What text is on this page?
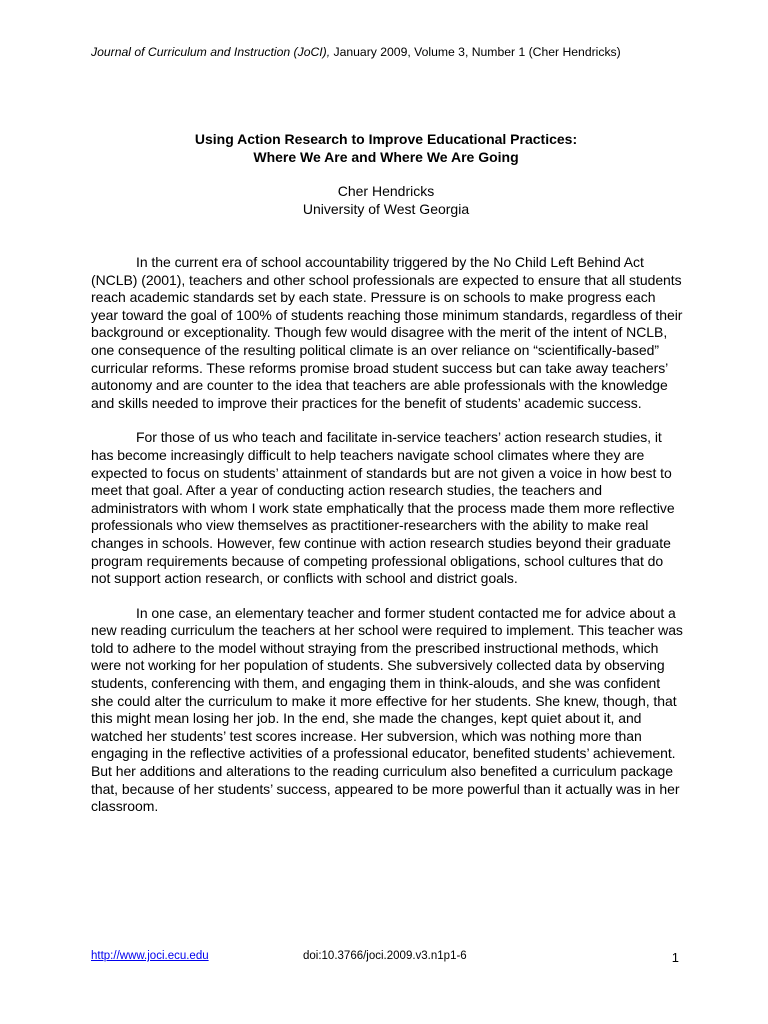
Journal of Curriculum and Instruction (JoCI), January 2009, Volume 3, Number 1 (Cher Hendricks)
Using Action Research to Improve Educational Practices:
Where We Are and Where We Are Going
Cher Hendricks
University of West Georgia

In the current era of school accountability triggered by the No Child Left Behind Act (NCLB) (2001), teachers and other school professionals are expected to ensure that all students reach academic standards set by each state. Pressure is on schools to make progress each year toward the goal of 100% of students reaching those minimum standards, regardless of their background or exceptionality. Though few would disagree with the merit of the intent of NCLB, one consequence of the resulting political climate is an over reliance on “scientifically-based” curricular reforms. These reforms promise broad student success but can take away teachers’ autonomy and are counter to the idea that teachers are able professionals with the knowledge and skills needed to improve their practices for the benefit of students’ academic success.

For those of us who teach and facilitate in-service teachers’ action research studies, it has become increasingly difficult to help teachers navigate school climates where they are expected to focus on students’ attainment of standards but are not given a voice in how best to meet that goal. After a year of conducting action research studies, the teachers and administrators with whom I work state emphatically that the process made them more reflective professionals who view themselves as practitioner-researchers with the ability to make real changes in schools. However, few continue with action research studies beyond their graduate program requirements because of competing professional obligations, school cultures that do not support action research, or conflicts with school and district goals.

In one case, an elementary teacher and former student contacted me for advice about a new reading curriculum the teachers at her school were required to implement. This teacher was told to adhere to the model without straying from the prescribed instructional methods, which were not working for her population of students. She subversively collected data by observing students, conferencing with them, and engaging them in think-alouds, and she was confident she could alter the curriculum to make it more effective for her students. She knew, though, that this might mean losing her job. In the end, she made the changes, kept quiet about it, and watched her students’ test scores increase. Her subversion, which was nothing more than engaging in the reflective activities of a professional educator, benefited students’ achievement. But her additions and alterations to the reading curriculum also benefited a curriculum package that, because of her students’ success, appeared to be more powerful than it actually was in her classroom.

http://www.joci.ecu.edu	doi:10.3766/joci.2009.v3.n1p1-6	1
